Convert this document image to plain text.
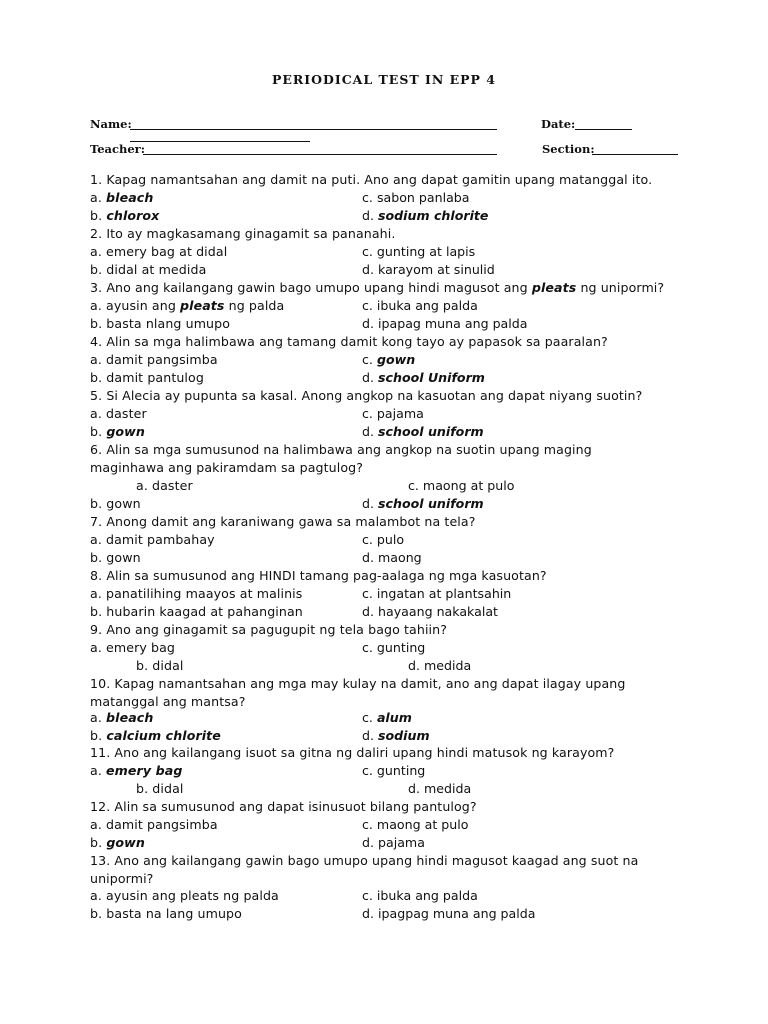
PERIODICAL TEST IN EPP 4
Name:	Date:
Teacher:	Section:
1. Kapag namantsahan ang damit na puti. Ano ang dapat gamitin upang matanggal ito.
a. bleach	c. sabon panlaba
b. chlorox	d. sodium chlorite
2. Ito ay magkasamang ginagamit sa pananahi.
a. emery bag at didal	c. gunting at lapis
b. didal at medida	d. karayom at sinulid
3. Ano ang kailangang gawin bago umupo upang hindi magusot ang pleats ng unipormi?
a. ayusin ang pleats ng palda	c. ibuka ang palda
b. basta nlang umupo	d. ipapag muna ang palda
4. Alin sa mga halimbawa ang tamang damit kong tayo ay papasok sa paaralan?
a. damit pangsimba	c. gown
b. damit pantulog	d. school Uniform
5. Si Alecia ay pupunta sa kasal. Anong angkop na kasuotan ang dapat niyang suotin?
a. daster	c. pajama
b. gown	d. school uniform
6. Alin sa mga sumusunod na halimbawa ang angkop na suotin upang maging
maginhawa ang pakiramdam sa pagtulog?
a. daster	c. maong at pulo
b. gown	d. school uniform
7. Anong damit ang karaniwang gawa sa malambot na tela?
a. damit pambahay	c. pulo
b. gown	d. maong
8. Alin sa sumusunod ang HINDI tamang pag-aalaga ng mga kasuotan?
a. panatilihing maayos at malinis	c. ingatan at plantsahin
b. hubarin kaagad at pahanginan	d. hayaang nakakalat
9. Ano ang ginagamit sa pagugupit ng tela bago tahiin?
a. emery bag	c. gunting
b. didal	d. medida
10. Kapag namantsahan ang mga may kulay na damit, ano ang dapat ilagay upang
matanggal ang mantsa?
a. bleach	c. alum
b. calcium chlorite	d. sodium
11. Ano ang kailangang isuot sa gitna ng daliri upang hindi matusok ng karayom?
a. emery bag	c. gunting
b. didal	d. medida
12. Alin sa sumusunod ang dapat isinusuot bilang pantulog?
a. damit pangsimba	c. maong at pulo
b. gown	d. pajama
13. Ano ang kailangang gawin bago umupo upang hindi magusot kaagad ang suot na
unipormi?
a. ayusin ang pleats ng palda	c. ibuka ang palda
b. basta na lang umupo	d. ipagpag muna ang palda
